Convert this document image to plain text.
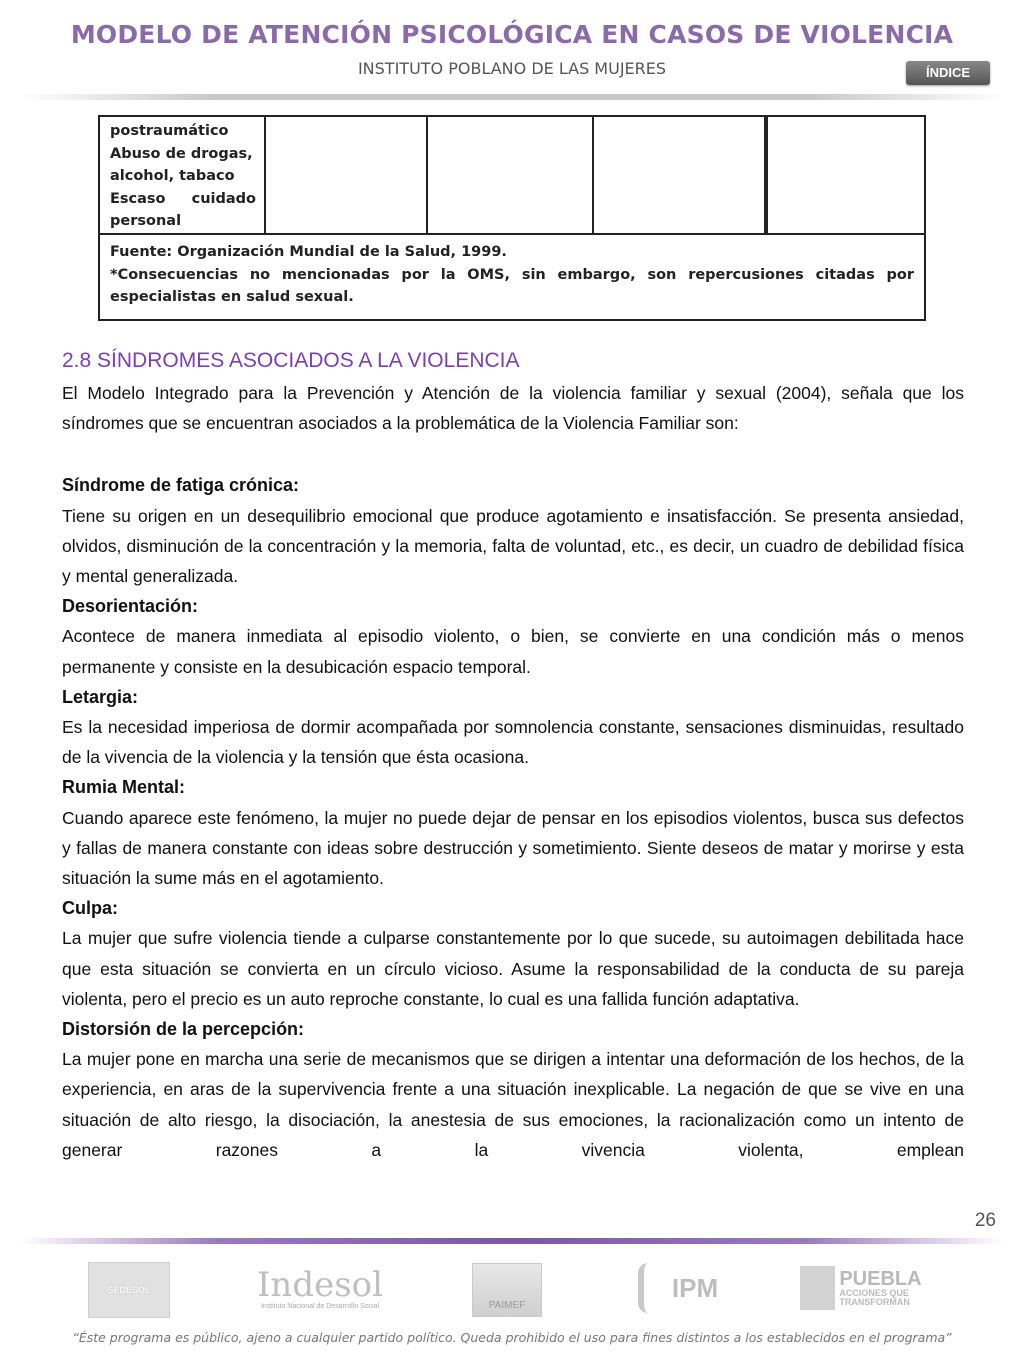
MODELO DE ATENCIÓN PSICOLÓGICA EN CASOS DE VIOLENCIA
INSTITUTO POBLANO DE LAS MUJERES	ÍNDICE
postraumático
Abuso de drogas,
alcohol, tabaco
Escaso cuidado
personal
Fuente: Organización Mundial de la Salud, 1999.
*Consecuencias no mencionadas por la OMS, sin embargo, son repercusiones citadas por
especialistas en salud sexual.
2.8 SÍNDROMES ASOCIADOS A LA VIOLENCIA
El Modelo Integrado para la Prevención y Atención de la violencia familiar y sexual (2004), señala que los síndromes que se encuentran asociados a la problemática de la Violencia Familiar son:
Síndrome de fatiga crónica:
Tiene su origen en un desequilibrio emocional que produce agotamiento e insatisfacción. Se presenta ansiedad, olvidos, disminución de la concentración y la memoria, falta de voluntad, etc., es decir, un cuadro de debilidad física y mental generalizada.
Desorientación:
Acontece de manera inmediata al episodio violento, o bien, se convierte en una condición más o menos permanente y consiste en la desubicación espacio temporal.
Letargia:
Es la necesidad imperiosa de dormir acompañada por somnolencia constante, sensaciones disminuidas, resultado de la vivencia de la violencia y la tensión que ésta ocasiona.
Rumia Mental:
Cuando aparece este fenómeno, la mujer no puede dejar de pensar en los episodios violentos, busca sus defectos y fallas de manera constante con ideas sobre destrucción y sometimiento. Siente deseos de matar y morirse y esta situación la sume más en el agotamiento.
Culpa:
La mujer que sufre violencia tiende a culparse constantemente por lo que sucede, su autoimagen debilitada hace que esta situación se convierta en un círculo vicioso. Asume la responsabilidad de la conducta de su pareja violenta, pero el precio es un auto reproche constante, lo cual es una fallida función adaptativa.
Distorsión de la percepción:
La mujer pone en marcha una serie de mecanismos que se dirigen a intentar una deformación de los hechos, de la experiencia, en aras de la supervivencia frente a una situación inexplicable. La negación de que se vive en una situación de alto riesgo, la disociación, la anestesia de sus emociones, la racionalización como un intento de generar razones a la vivencia violenta, emplean
26
SEDESOL	Indesol
Instituto Nacional de Desarrollo Social	PAIMEF
IPM	PUEBLA
ACCIONES QUE TRANSFORMAN
“Éste programa es público, ajeno a cualquier partido político. Queda prohibido el uso para fines distintos a los establecidos en el programa”
